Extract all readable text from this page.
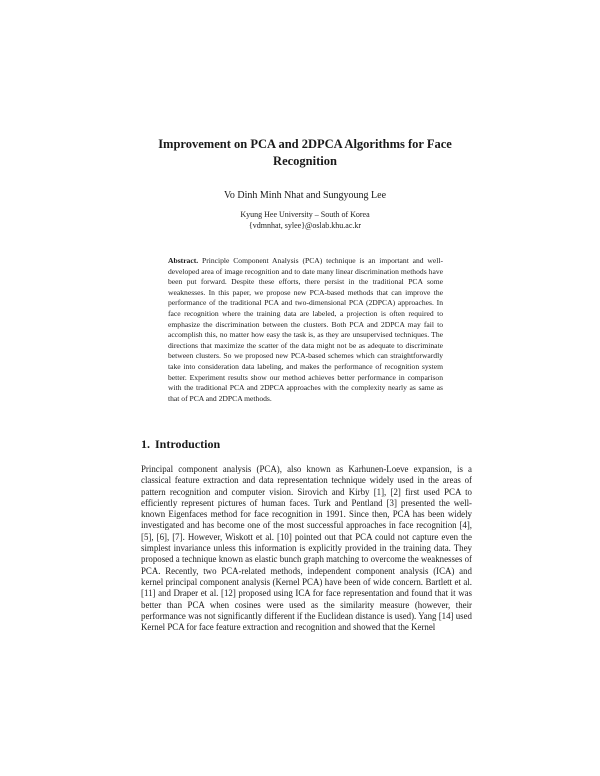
Improvement on PCA and 2DPCA Algorithms for Face Recognition
Vo Dinh Minh Nhat and Sungyoung Lee
Kyung Hee University – South of Korea
{vdmnhat, sylee}@oslab.khu.ac.kr
Abstract. Principle Component Analysis (PCA) technique is an important and well-developed area of image recognition and to date many linear discrimination methods have been put forward. Despite these efforts, there persist in the traditional PCA some weaknesses. In this paper, we propose new PCA-based methods that can improve the performance of the traditional PCA and two-dimensional PCA (2DPCA) approaches. In face recognition where the training data are labeled, a projection is often required to emphasize the discrimination between the clusters. Both PCA and 2DPCA may fail to accomplish this, no matter how easy the task is, as they are unsupervised techniques. The directions that maximize the scatter of the data might not be as adequate to discriminate between clusters. So we proposed new PCA-based schemes which can straightforwardly take into consideration data labeling, and makes the performance of recognition system better. Experiment results show our method achieves better performance in comparison with the traditional PCA and 2DPCA approaches with the complexity nearly as same as that of PCA and 2DPCA methods.
1. Introduction
Principal component analysis (PCA), also known as Karhunen-Loeve expansion, is a classical feature extraction and data representation technique widely used in the areas of pattern recognition and computer vision. Sirovich and Kirby [1], [2] first used PCA to efficiently represent pictures of human faces. Turk and Pentland [3] presented the well-known Eigenfaces method for face recognition in 1991. Since then, PCA has been widely investigated and has become one of the most successful approaches in face recognition [4], [5], [6], [7]. However, Wiskott et al. [10] pointed out that PCA could not capture even the simplest invariance unless this information is explicitly provided in the training data. They proposed a technique known as elastic bunch graph matching to overcome the weaknesses of PCA. Recently, two PCA-related methods, independent component analysis (ICA) and kernel principal component analysis (Kernel PCA) have been of wide concern. Bartlett et al. [11] and Draper et al. [12] proposed using ICA for face representation and found that it was better than PCA when cosines were used as the similarity measure (however, their performance was not significantly different if the Euclidean distance is used). Yang [14] used Kernel PCA for face feature extraction and recognition and showed that the Kernel
